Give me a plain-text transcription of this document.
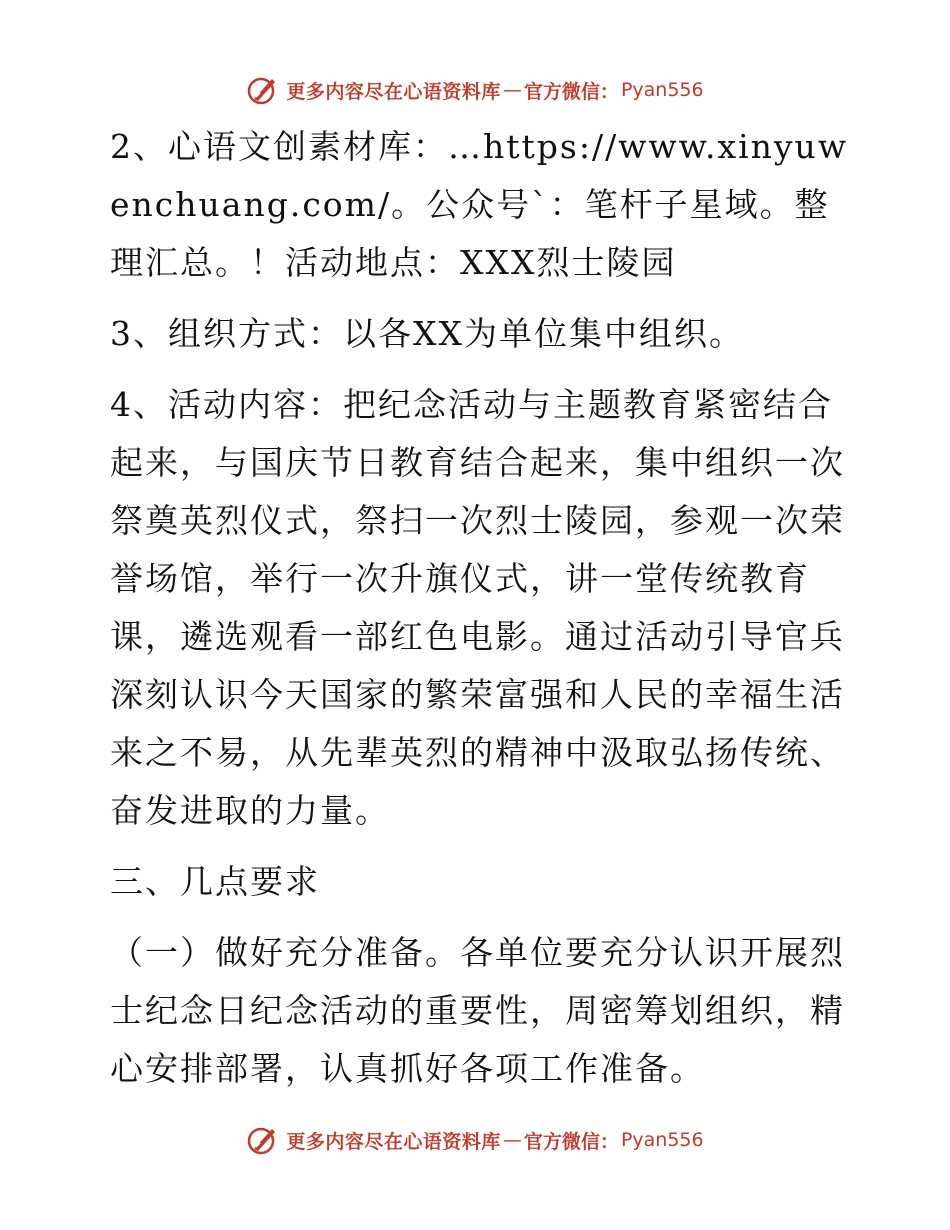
更多内容尽在心语资料库 — 官方微信： Pyan556

2、心语文创素材库：…https://www.xinyuwenchuang.com/。公众号`：笔杆子星域。整理汇总。！活动地点：XXX烈士陵园

3、组织方式：以各XX为单位集中组织。

4、活动内容：把纪念活动与主题教育紧密结合起来，与国庆节日教育结合起来，集中组织一次祭奠英烈仪式，祭扫一次烈士陵园，参观一次荣誉场馆，举行一次升旗仪式，讲一堂传统教育课，遴选观看一部红色电影。通过活动引导官兵深刻认识今天国家的繁荣富强和人民的幸福生活来之不易，从先辈英烈的精神中汲取弘扬传统、奋发进取的力量。

三、几点要求

（一）做好充分准备。各单位要充分认识开展烈士纪念日纪念活动的重要性，周密筹划组织，精心安排部署，认真抓好各项工作准备。

更多内容尽在心语资料库 — 官方微信： Pyan556
